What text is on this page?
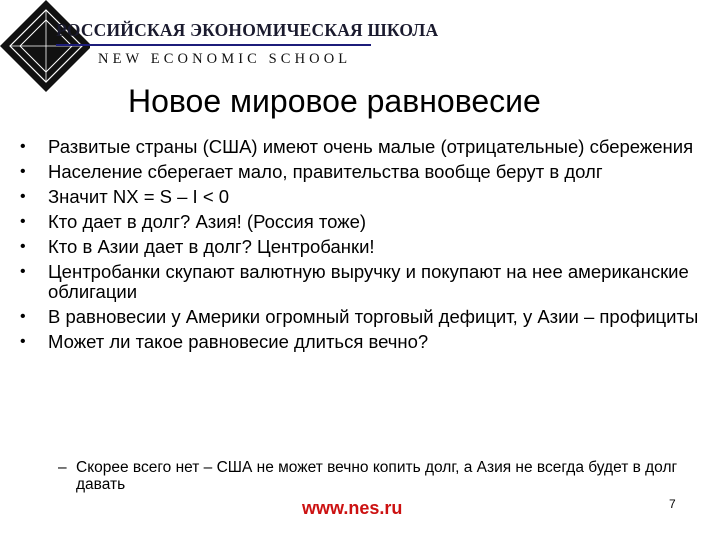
РОССИЙСКАЯ ЭКОНОМИЧЕСКАЯ ШКОЛА
NEW ECONOMIC SCHOOL
Новое мировое равновесие
• Развитые страны (США) имеют очень малые (отрицательные) сбережения
• Население сберегает мало, правительства вообще берут в долг
• Значит NX = S – I < 0
• Кто дает в долг? Азия! (Россия тоже)
• Кто в Азии дает в долг? Центробанки!
• Центробанки скупают валютную выручку и покупают на нее американские облигации
• В равновесии у Америки огромный торговый дефицит, у Азии – профициты
• Может ли такое равновесие длиться вечно?
– Скорее всего нет – США не может вечно копить долг, а Азия не всегда будет в долг давать
www.nes.ru	7
